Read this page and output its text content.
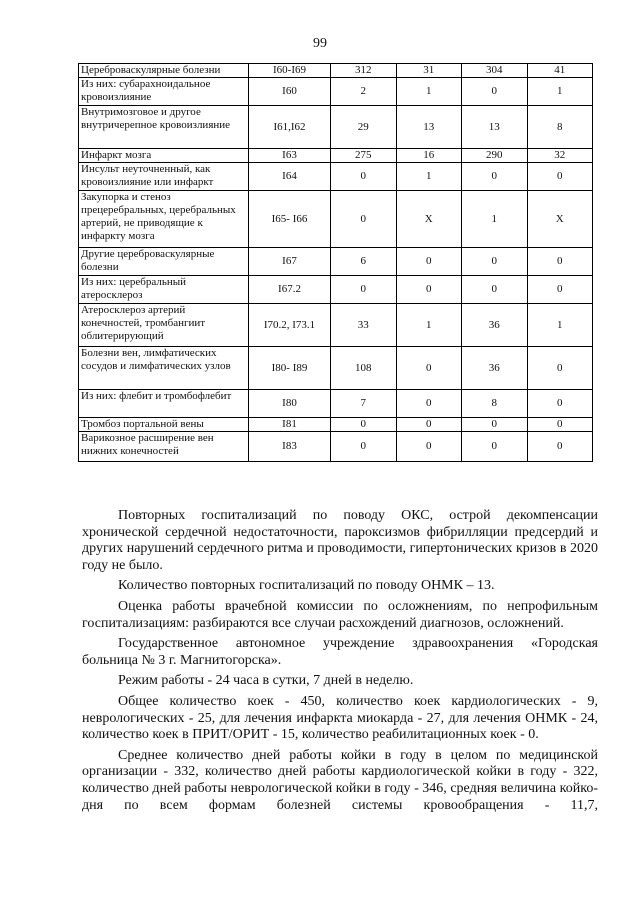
99
Цереброваскулярные болезни	I60-I69	312	31	304	41
Из них: субарахноидальное кровоизлияние	I60	2	1	0	1
Внутримозговое и другое внутричерепное кровоизлияние	I61,I62	29	13	13	8
Инфаркт мозга	I63	275	16	290	32
Инсульт неуточненный, как кровоизлияние или инфаркт	I64	0	1	0	0
Закупорка и стеноз прецеребральных, церебральных артерий, не приводящие к инфаркту мозга	I65- I66	0	X	1	X
Другие цереброваскулярные болезни	I67	6	0	0	0
Из них: церебральный атеросклероз	I67.2	0	0	0	0
Атеросклероз артерий конечностей, тромбангиит облитерирующий	I70.2, I73.1	33	1	36	1
Болезни вен, лимфатических сосудов и лимфатических узлов	I80- I89	108	0	36	0
Из них: флебит и тромбофлебит	I80	7	0	8	0
Тромбоз портальной вены	I81	0	0	0	0
Варикозное расширение вен нижних конечностей	I83	0	0	0	0

Повторных госпитализаций по поводу ОКС, острой декомпенсации хронической сердечной недостаточности, пароксизмов фибрилляции предсердий и других нарушений сердечного ритма и проводимости, гипертонических кризов в 2020 году не было.

Количество повторных госпитализаций по поводу ОНМК – 13.

Оценка работы врачебной комиссии по осложнениям, по непрофильным госпитализациям: разбираются все случаи расхождений диагнозов, осложнений.

Государственное автономное учреждение здравоохранения «Городская больница № 3 г. Магнитогорска».

Режим работы - 24 часа в сутки, 7 дней в неделю.

Общее количество коек - 450, количество коек кардиологических - 9, неврологических - 25, для лечения инфаркта миокарда - 27, для лечения ОНМК - 24, количество коек в ПРИТ/ОРИТ - 15, количество реабилитационных коек - 0.

Среднее количество дней работы койки в году в целом по медицинской организации - 332, количество дней работы кардиологической койки в году - 322, количество дней работы неврологической койки в году - 346, средняя величина койко-дня по всем формам болезней системы кровообращения - 11,7,
